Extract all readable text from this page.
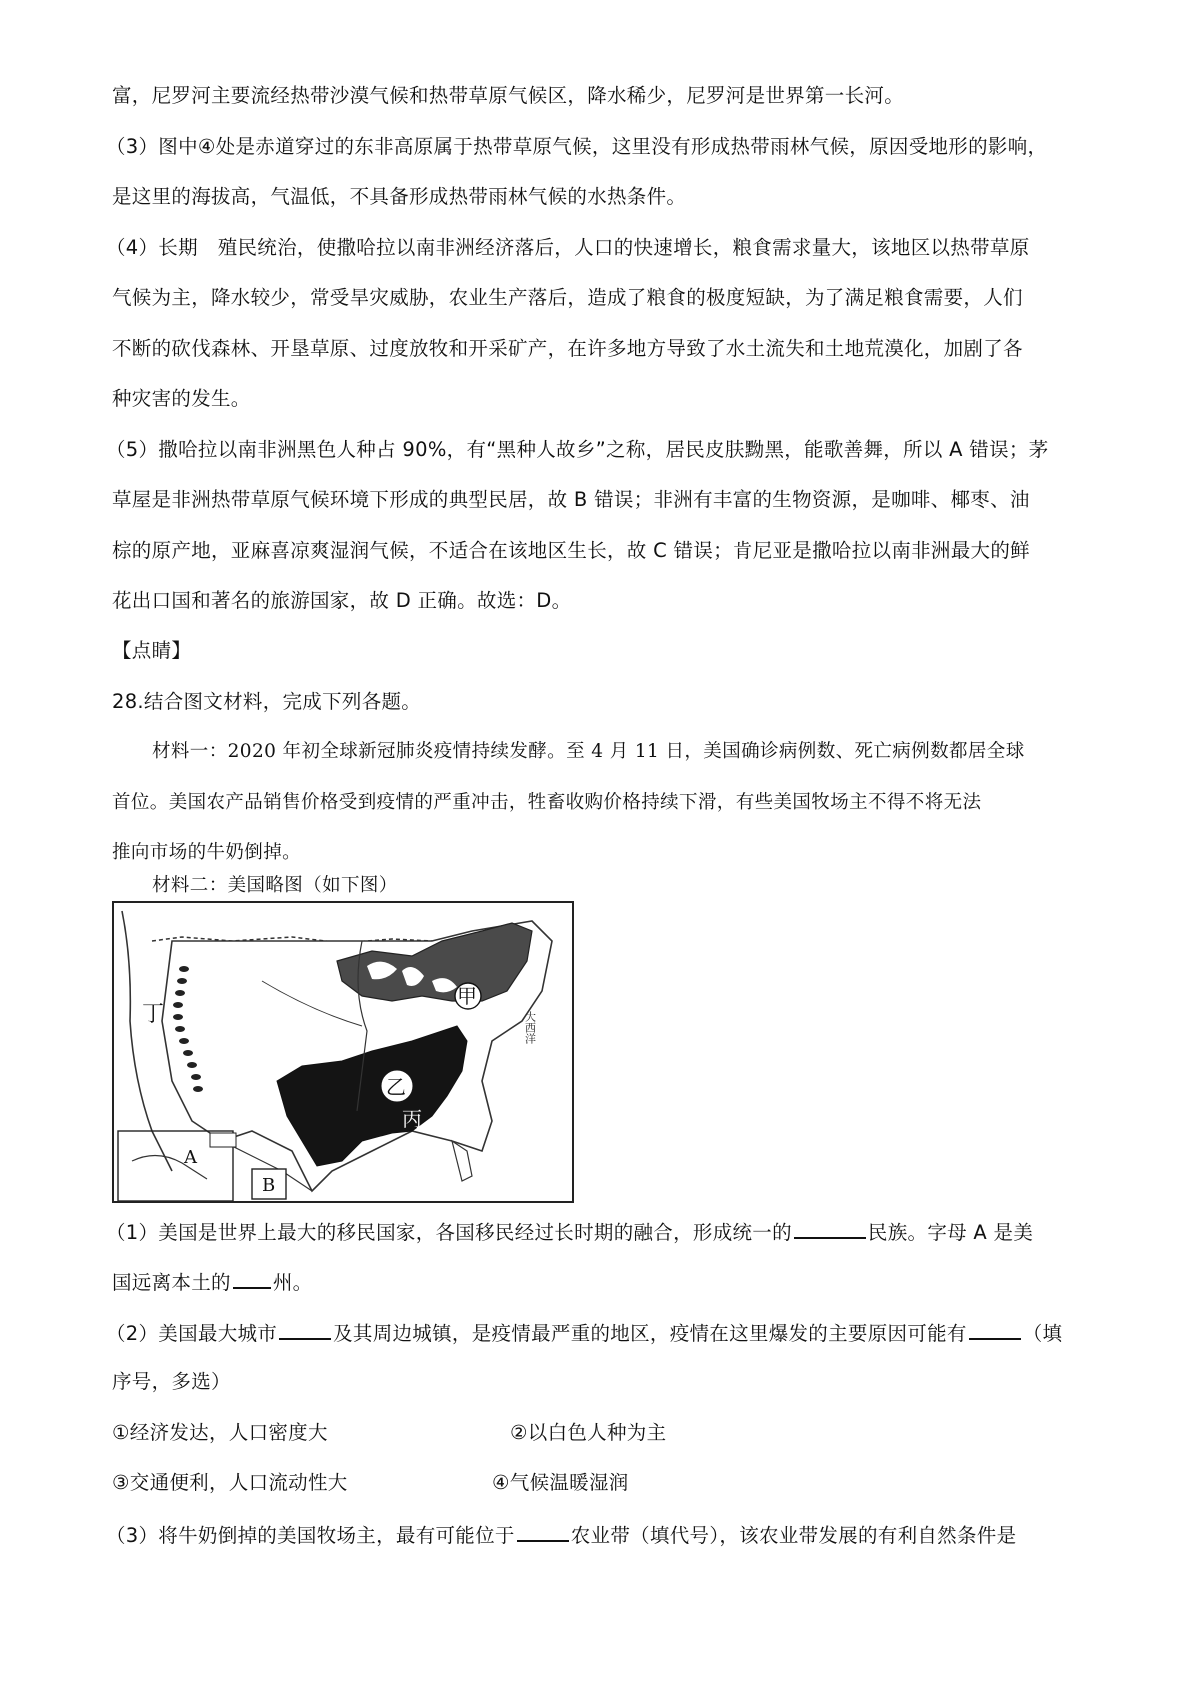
富，尼罗河主要流经热带沙漠气候和热带草原气候区，降水稀少，尼罗河是世界第一长河。
（3）图中④处是赤道穿过的东非高原属于热带草原气候，这里没有形成热带雨林气候，原因受地形的影响，
是这里的海拔高，气温低，不具备形成热带雨林气候的水热条件。
（4）长期　殖民统治，使撒哈拉以南非洲经济落后，人口的快速增长，粮食需求量大，该地区以热带草原
气候为主，降水较少，常受旱灾威胁，农业生产落后，造成了粮食的极度短缺，为了满足粮食需要，人们
不断的砍伐森林、开垦草原、过度放牧和开采矿产，在许多地方导致了水土流失和土地荒漠化，加剧了各
种灾害的发生。
（5）撒哈拉以南非洲黑色人种占 90%，有“黑种人故乡”之称，居民皮肤黝黑，能歌善舞，所以 A 错误；茅
草屋是非洲热带草原气候环境下形成的典型民居，故 B 错误；非洲有丰富的生物资源，是咖啡、椰枣、油
棕的原产地，亚麻喜凉爽湿润气候，不适合在该地区生长，故 C 错误；肯尼亚是撒哈拉以南非洲最大的鲜
花出口国和著名的旅游国家，故 D 正确。故选：D。
【点睛】
28.结合图文材料，完成下列各题。
材料一：2020 年初全球新冠肺炎疫情持续发酵。至 4 月 11 日，美国确诊病例数、死亡病例数都居全球
首位。美国农产品销售价格受到疫情的严重冲击，牲畜收购价格持续下滑，有些美国牧场主不得不将无法
推向市场的牛奶倒掉。
材料二：美国略图（如下图）
丁
甲
乙
丙
A
B
大西洋
（1）美国是世界上最大的移民国家，各国移民经过长时期的融合，形成统一的	民族。字母 A 是美
国远离本土的 州。
（2）美国最大城市	及其周边城镇，是疫情最严重的地区，疫情在这里爆发的主要原因可能有	（填
序号，多选）
①经济发达，人口密度大	②以白色人种为主
③交通便利，人口流动性大	④气候温暖湿润
（3）将牛奶倒掉的美国牧场主，最有可能位于	农业带（填代号），该农业带发展的有利自然条件是
